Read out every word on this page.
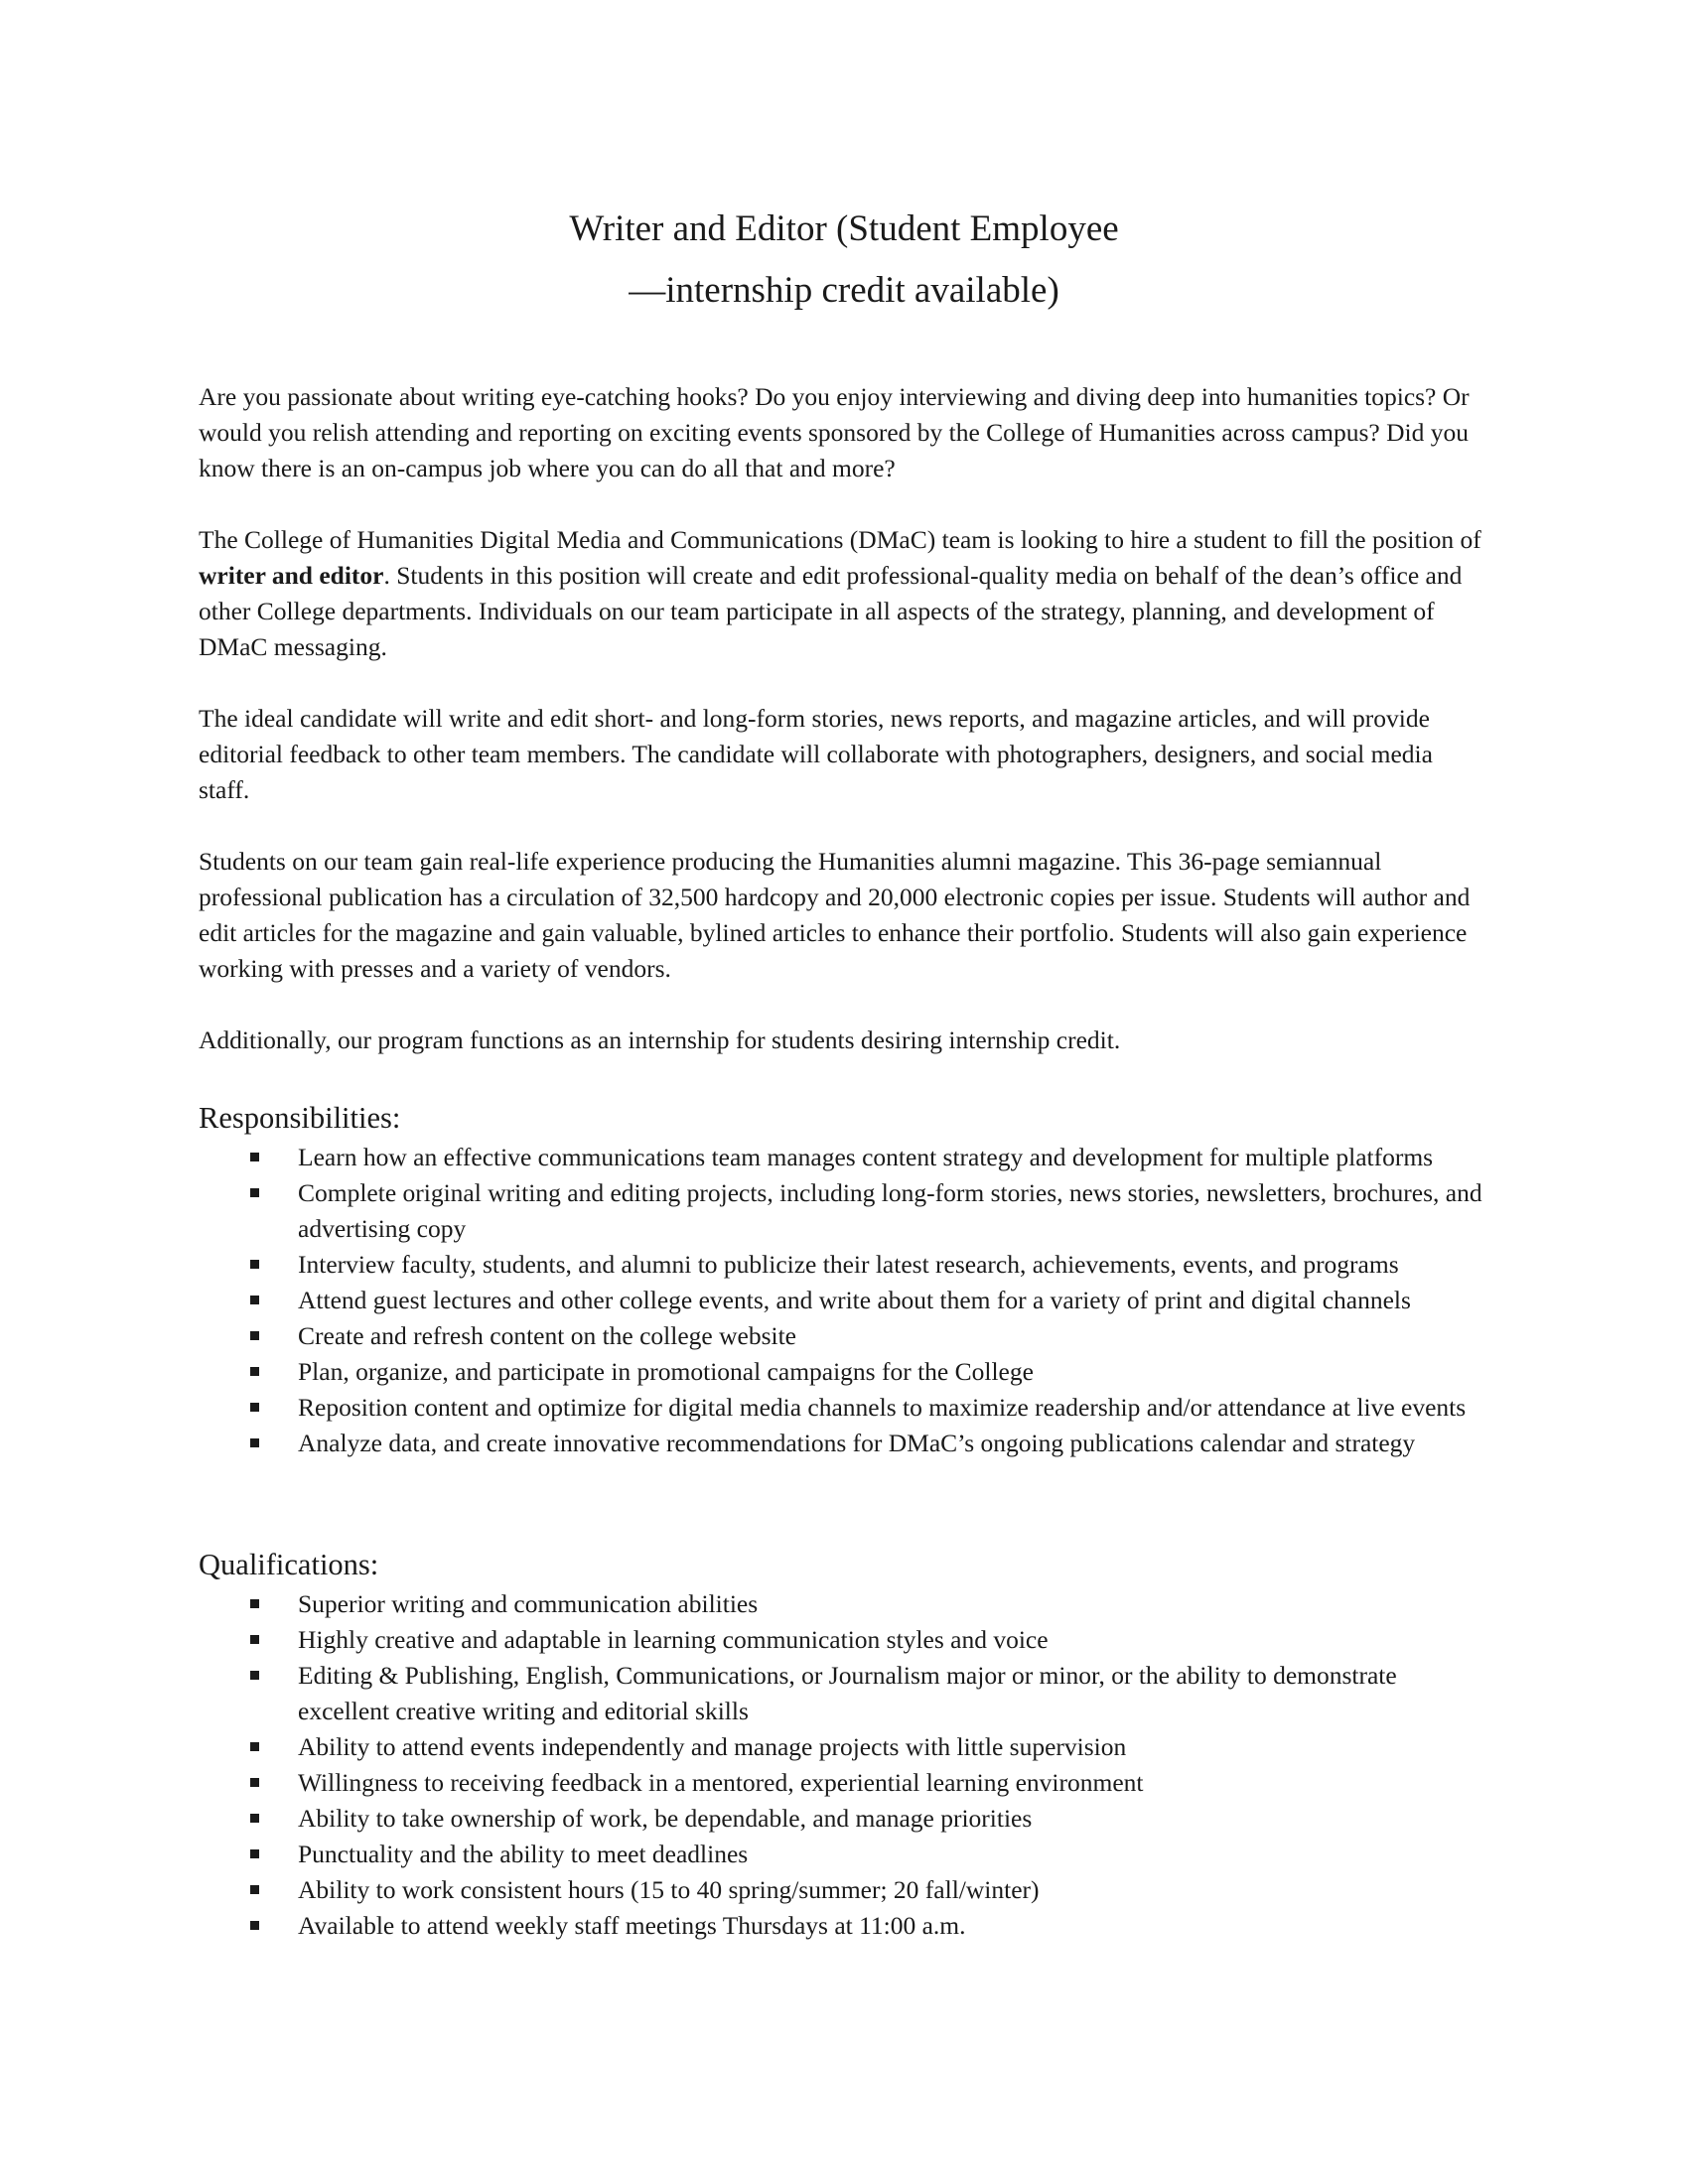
Writer and Editor (Student Employee
—internship credit available)

Are you passionate about writing eye-catching hooks? Do you enjoy interviewing and diving deep into humanities topics? Or would you relish attending and reporting on exciting events sponsored by the College of Humanities across campus? Did you know there is an on-campus job where you can do all that and more?

The College of Humanities Digital Media and Communications (DMaC) team is looking to hire a student to fill the position of writer and editor. Students in this position will create and edit professional-quality media on behalf of the dean’s office and other College departments. Individuals on our team participate in all aspects of the strategy, planning, and development of DMaC messaging.

The ideal candidate will write and edit short- and long-form stories, news reports, and magazine articles, and will provide editorial feedback to other team members. The candidate will collaborate with photographers, designers, and social media staff.

Students on our team gain real-life experience producing the Humanities alumni magazine. This 36-page semiannual professional publication has a circulation of 32,500 hardcopy and 20,000 electronic copies per issue. Students will author and edit articles for the magazine and gain valuable, bylined articles to enhance their portfolio. Students will also gain experience working with presses and a variety of vendors.

Additionally, our program functions as an internship for students desiring internship credit.

Responsibilities:
Learn how an effective communications team manages content strategy and development for multiple platforms
Complete original writing and editing projects, including long-form stories, news stories, newsletters, brochures, and advertising copy
Interview faculty, students, and alumni to publicize their latest research, achievements, events, and programs
Attend guest lectures and other college events, and write about them for a variety of print and digital channels
Create and refresh content on the college website
Plan, organize, and participate in promotional campaigns for the College
Reposition content and optimize for digital media channels to maximize readership and/or attendance at live events
Analyze data, and create innovative recommendations for DMaC’s ongoing publications calendar and strategy
Qualifications:
Superior writing and communication abilities
Highly creative and adaptable in learning communication styles and voice
Editing & Publishing, English, Communications, or Journalism major or minor, or the ability to demonstrate excellent creative writing and editorial skills
Ability to attend events independently and manage projects with little supervision
Willingness to receiving feedback in a mentored, experiential learning environment
Ability to take ownership of work, be dependable, and manage priorities
Punctuality and the ability to meet deadlines
Ability to work consistent hours (15 to 40 spring/summer; 20 fall/winter)
Available to attend weekly staff meetings Thursdays at 11:00 a.m.
